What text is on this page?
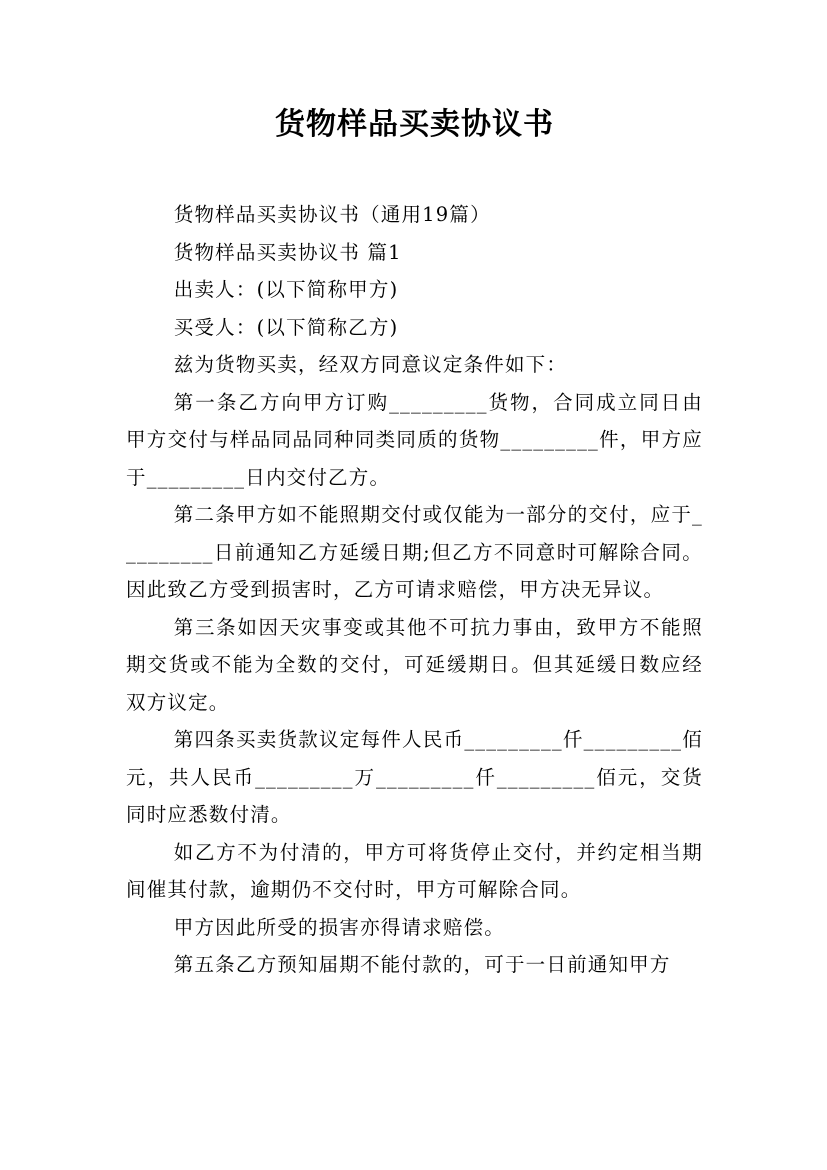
货物样品买卖协议书

货物样品买卖协议书（通用19篇）

货物样品买卖协议书 篇1

出卖人：(以下简称甲方)

买受人：(以下简称乙方)

兹为货物买卖，经双方同意议定条件如下：

第一条乙方向甲方订购_________货物，合同成立同日由甲方交付与样品同品同种同类同质的货物_________件，甲方应于_________日内交付乙方。

第二条甲方如不能照期交付或仅能为一部分的交付，应于_________日前通知乙方延缓日期;但乙方不同意时可解除合同。因此致乙方受到损害时，乙方可请求赔偿，甲方决无异议。

第三条如因天灾事变或其他不可抗力事由，致甲方不能照期交货或不能为全数的交付，可延缓期日。但其延缓日数应经双方议定。

第四条买卖货款议定每件人民币_________仟_________佰元，共人民币_________万_________仟_________佰元，交货同时应悉数付清。

如乙方不为付清的，甲方可将货停止交付，并约定相当期间催其付款，逾期仍不交付时，甲方可解除合同。

甲方因此所受的损害亦得请求赔偿。

第五条乙方预知届期不能付款的，可于一日前通知甲方
